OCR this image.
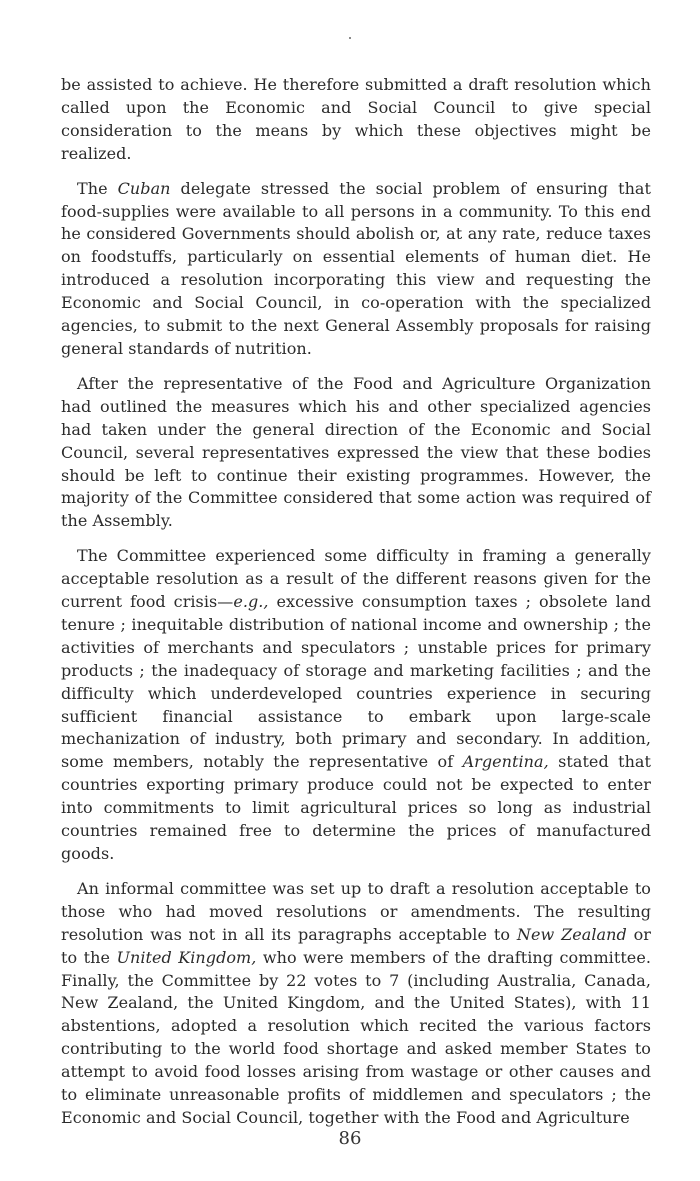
be assisted to achieve. He therefore submitted a draft resolution which called upon the Economic and Social Council to give special consideration to the means by which these objectives might be realized.

The Cuban delegate stressed the social problem of ensuring that food-supplies were available to all persons in a community. To this end he considered Governments should abolish or, at any rate, reduce taxes on foodstuffs, particularly on essential elements of human diet. He introduced a resolution incorporating this view and requesting the Economic and Social Council, in co-operation with the specialized agencies, to submit to the next General Assembly proposals for raising general standards of nutrition.

After the representative of the Food and Agriculture Organization had outlined the measures which his and other specialized agencies had taken under the general direction of the Economic and Social Council, several representatives expressed the view that these bodies should be left to continue their existing programmes. However, the majority of the Committee considered that some action was required of the Assembly.

The Committee experienced some difficulty in framing a generally acceptable resolution as a result of the different reasons given for the current food crisis—e.g., excessive consumption taxes ; obsolete land tenure ; inequitable distribution of national income and ownership ; the activities of merchants and speculators ; unstable prices for primary products ; the inadequacy of storage and marketing facilities ; and the difficulty which underdeveloped countries experience in securing sufficient financial assistance to embark upon large-scale mechanization of industry, both primary and secondary. In addition, some members, notably the representative of Argentina, stated that countries exporting primary produce could not be expected to enter into commitments to limit agricultural prices so long as industrial countries remained free to determine the prices of manufactured goods.

An informal committee was set up to draft a resolution acceptable to those who had moved resolutions or amendments. The resulting resolution was not in all its paragraphs acceptable to New Zealand or to the United Kingdom, who were members of the drafting committee. Finally, the Committee by 22 votes to 7 (including Australia, Canada, New Zealand, the United Kingdom, and the United States), with 11 abstentions, adopted a resolution which recited the various factors contributing to the world food shortage and asked member States to attempt to avoid food losses arising from wastage or other causes and to eliminate unreasonable profits of middlemen and speculators ; the Economic and Social Council, together with the Food and Agriculture

86
